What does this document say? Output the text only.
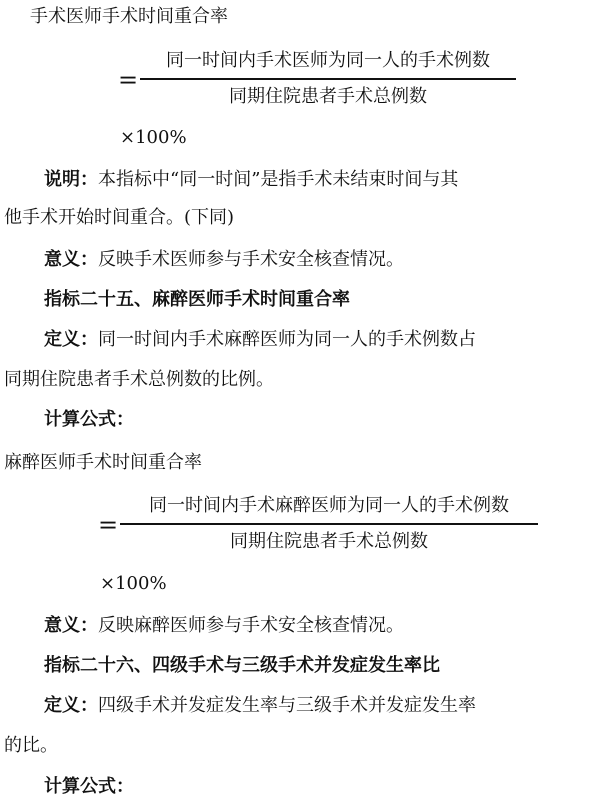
手术医师手术时间重合率
=
同一时间内手术医师为同一人的手术例数
同期住院患者手术总例数
×100%
说明：本指标中“同一时间”是指手术未结束时间与其
他手术开始时间重合。(下同)
意义：反映手术医师参与手术安全核查情况。
指标二十五、麻醉医师手术时间重合率
定义：同一时间内手术麻醉医师为同一人的手术例数占
同期住院患者手术总例数的比例。
计算公式：
麻醉医师手术时间重合率
=
同一时间内手术麻醉医师为同一人的手术例数
同期住院患者手术总例数
×100%
意义：反映麻醉医师参与手术安全核查情况。
指标二十六、四级手术与三级手术并发症发生率比
定义：四级手术并发症发生率与三级手术并发症发生率
的比。
计算公式：
